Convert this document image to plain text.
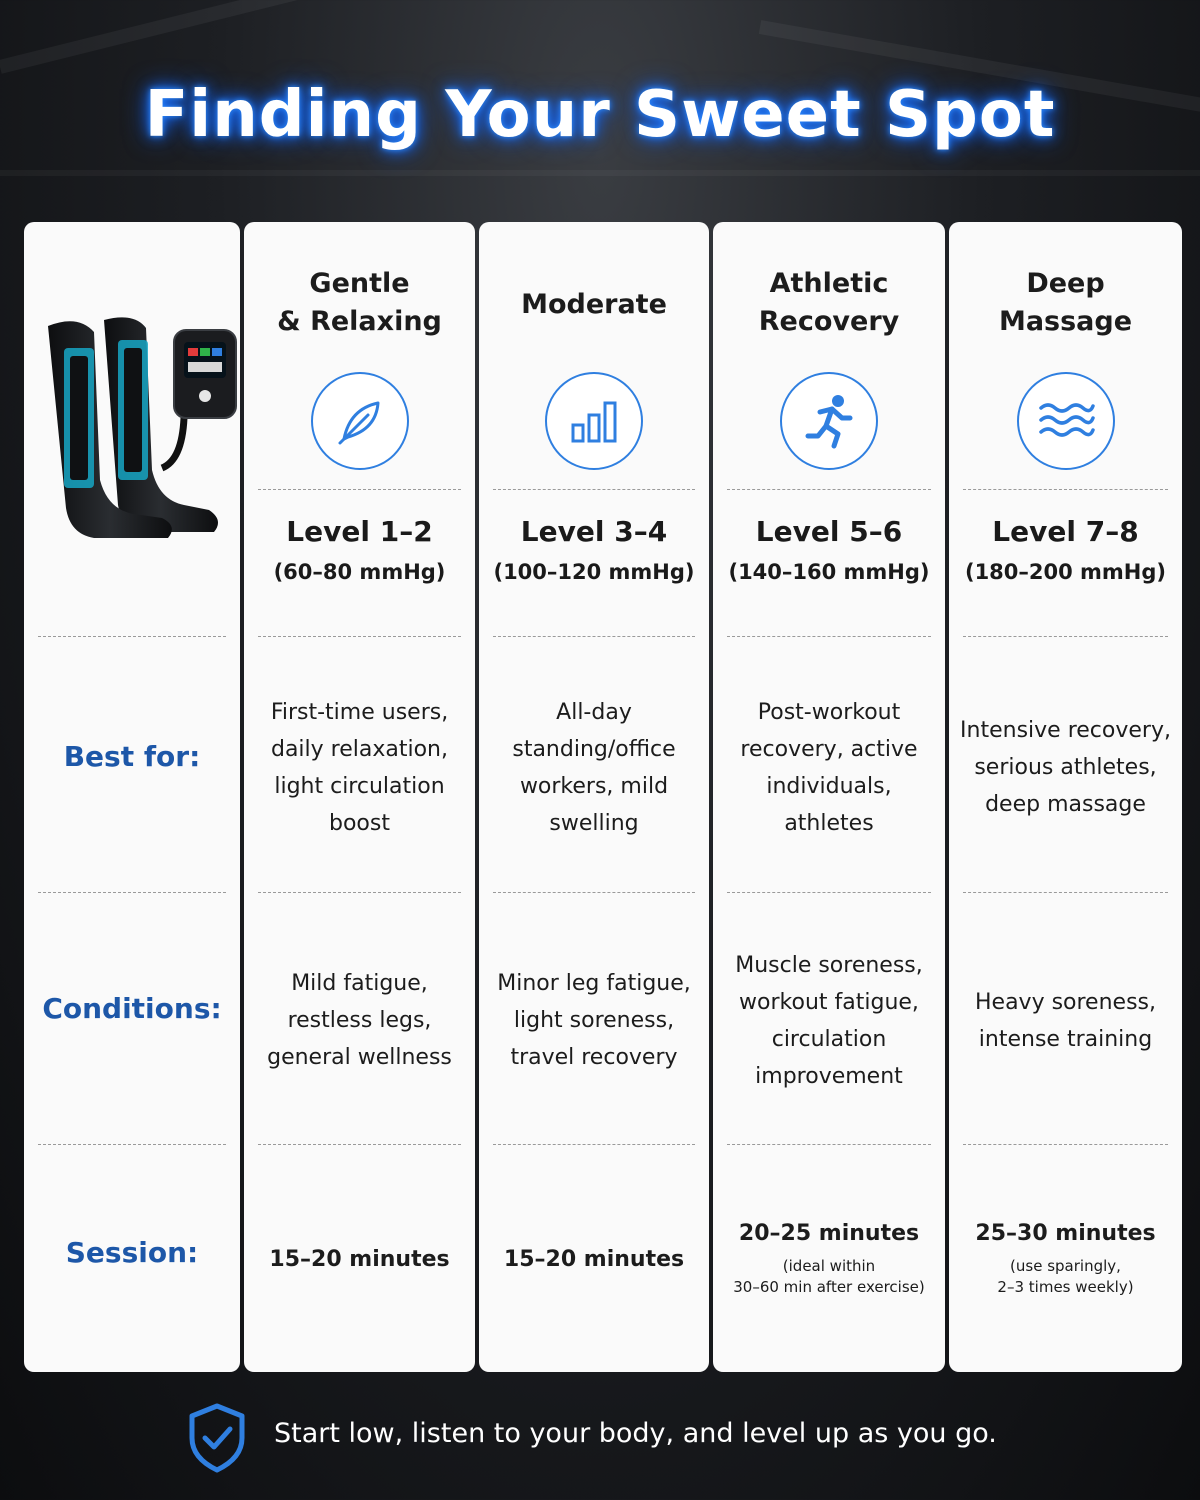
Finding Your Sweet Spot
Best for:
Conditions:
Session:
Gentle
& Relaxing
Level 1–2
(60–80 mmHg)
First-time users,
daily relaxation,
light circulation
boost
Mild fatigue,
restless legs,
general wellness
15–20 minutes
Moderate
Level 3–4
(100–120 mmHg)
All-day
standing/office
workers, mild
swelling
Minor leg fatigue,
light soreness,
travel recovery
15–20 minutes
Athletic
Recovery
Level 5–6
(140–160 mmHg)
Post-workout
recovery, active
individuals,
athletes
Muscle soreness,
workout fatigue,
circulation
improvement
20–25 minutes
(ideal within
30–60 min after exercise)
Deep
Massage
Level 7–8
(180–200 mmHg)
Intensive recovery,
serious athletes,
deep massage
Heavy soreness,
intense training
25–30 minutes
(use sparingly,
2–3 times weekly)
Start low, listen to your body, and level up as you go.
